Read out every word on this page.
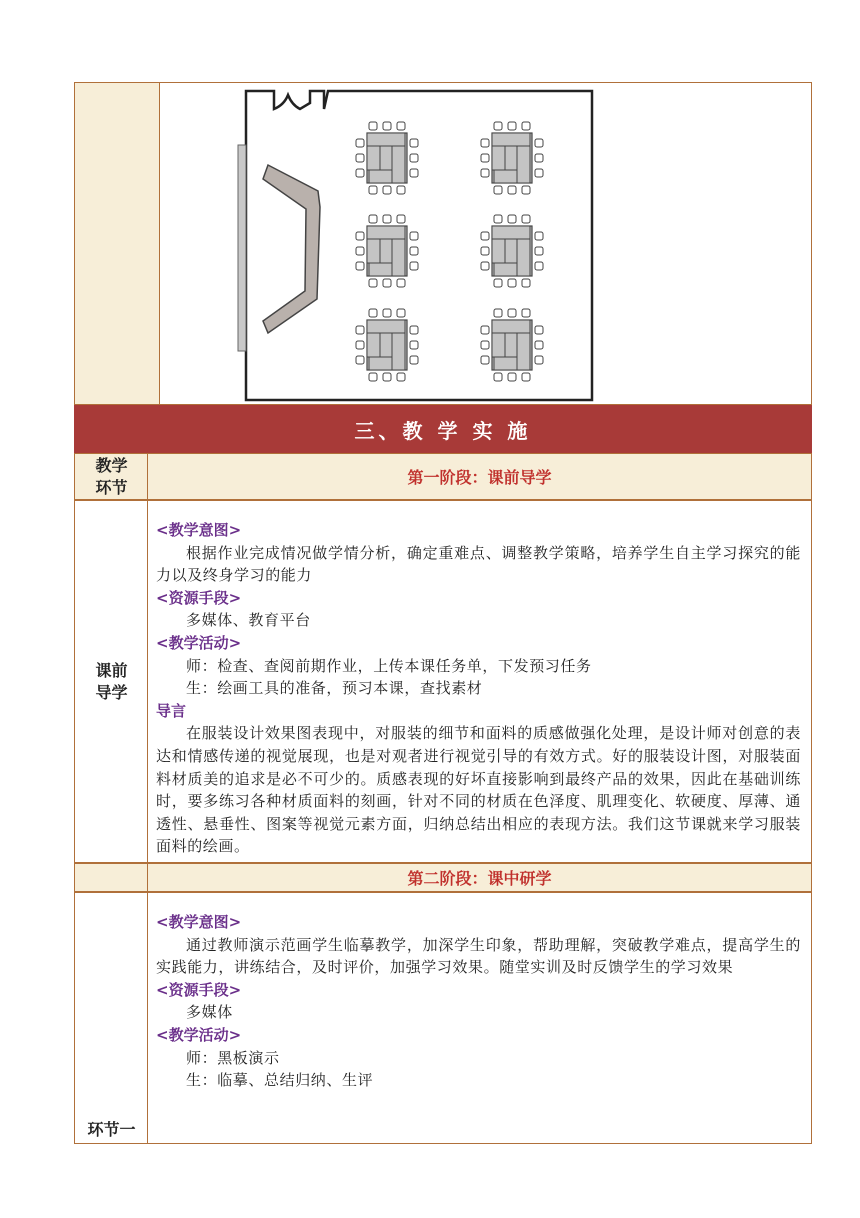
三、教 学 实 施
教学
环节	第一阶段：课前导学
课前
导学
<教学意图>
根据作业完成情况做学情分析，确定重难点、调整教学策略，培养学生自主学习探究的能力以及终身学习的能力
<资源手段>
多媒体、教育平台
<教学活动>
师：检查、查阅前期作业，上传本课任务单，下发预习任务
生：绘画工具的准备，预习本课，查找素材
导言
在服装设计效果图表现中，对服装的细节和面料的质感做强化处理，是设计师对创意的表达和情感传递的视觉展现，也是对观者进行视觉引导的有效方式。好的服装设计图，对服装面料材质美的追求是必不可少的。质感表现的好坏直接影响到最终产品的效果，因此在基础训练时，要多练习各种材质面料的刻画，针对不同的材质在色泽度、肌理变化、软硬度、厚薄、通透性、悬垂性、图案等视觉元素方面，归纳总结出相应的表现方法。我们这节课就来学习服装面料的绘画。
第二阶段：课中研学
环节一
<教学意图>
通过教师演示范画学生临摹教学，加深学生印象，帮助理解，突破教学难点，提高学生的实践能力，讲练结合，及时评价，加强学习效果。随堂实训及时反馈学生的学习效果
<资源手段>
多媒体
<教学活动>
师：黑板演示
生：临摹、总结归纳、生评
